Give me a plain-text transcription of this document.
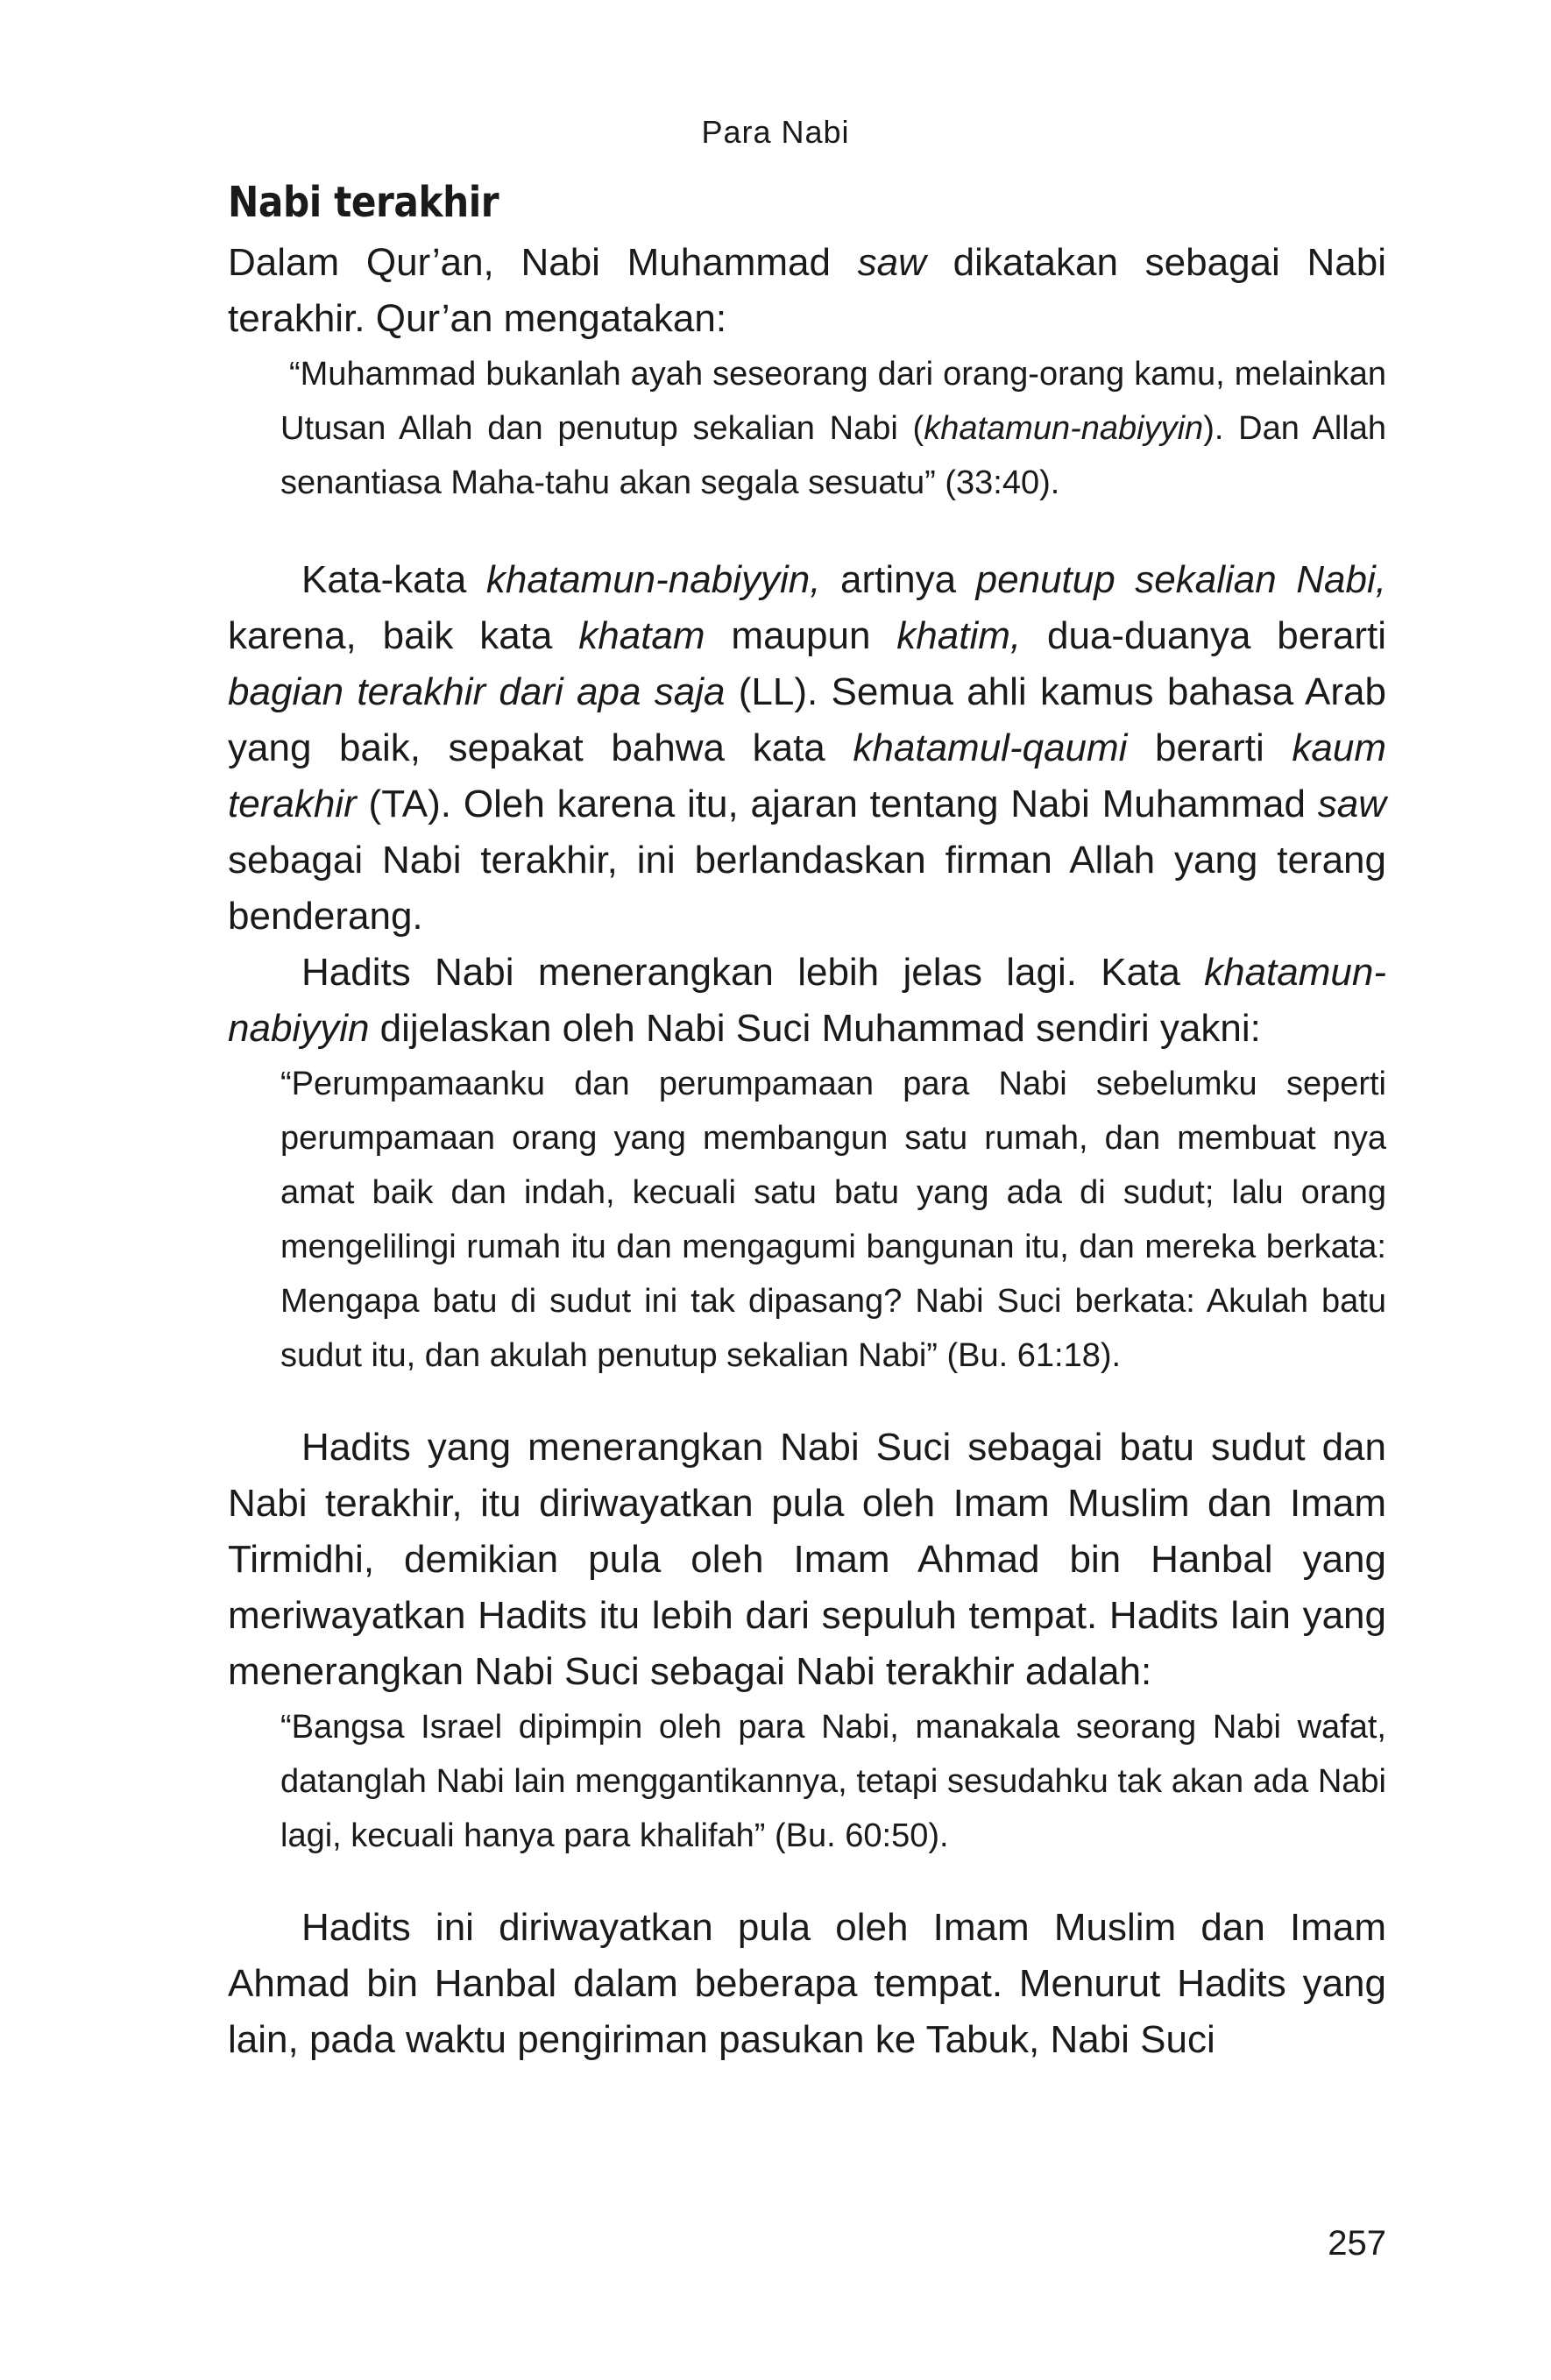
Para Nabi
Nabi terakhir

Dalam Qur’an, Nabi Muhammad saw dikatakan sebagai Nabi terakhir. Qur’an mengatakan:

“Muhammad bukanlah ayah seseorang dari orang-orang kamu, melainkan Utusan Allah dan penutup sekalian Nabi (khatamun-nabiyyin). Dan Allah senantiasa Maha-tahu akan segala sesuatu” (33:40).

Kata-kata khatamun-nabiyyin, artinya penutup sekalian Nabi, karena, baik kata khatam maupun khatim, dua-duanya berarti bagian terakhir dari apa saja (LL). Semua ahli kamus bahasa Arab yang baik, sepakat bahwa kata khatamul-qaumi berarti kaum terakhir (TA). Oleh karena itu, ajaran tentang Nabi Muhammad saw sebagai Nabi terakhir, ini berlandaskan firman Allah yang terang benderang.

Hadits Nabi menerangkan lebih jelas lagi. Kata khatamun-nabiyyin dijelaskan oleh Nabi Suci Muhammad sendiri yakni:

“Perumpamaanku dan perumpamaan para Nabi sebelumku seperti perumpamaan orang yang membangun satu rumah, dan membuat nya amat baik dan indah, kecuali satu batu yang ada di sudut; lalu orang mengelilingi rumah itu dan mengagumi bangunan itu, dan mereka berkata: Mengapa batu di sudut ini tak dipasang? Nabi Suci berkata: Akulah batu sudut itu, dan akulah penutup sekalian Nabi” (Bu. 61:18).

Hadits yang menerangkan Nabi Suci sebagai batu sudut dan Nabi terakhir, itu diriwayatkan pula oleh Imam Muslim dan Imam Tirmidhi, demikian pula oleh Imam Ahmad bin Hanbal yang meriwayatkan Hadits itu lebih dari sepuluh tempat. Hadits lain yang menerangkan Nabi Suci sebagai Nabi terakhir adalah:

“Bangsa Israel dipimpin oleh para Nabi, manakala seorang Nabi wafat, datanglah Nabi lain menggantikannya, tetapi sesudahku tak akan ada Nabi lagi, kecuali hanya para khalifah” (Bu. 60:50).

Hadits ini diriwayatkan pula oleh Imam Muslim dan Imam Ahmad bin Hanbal dalam beberapa tempat. Menurut Hadits yang lain, pada waktu pengiriman pasukan ke Tabuk, Nabi Suci

257
